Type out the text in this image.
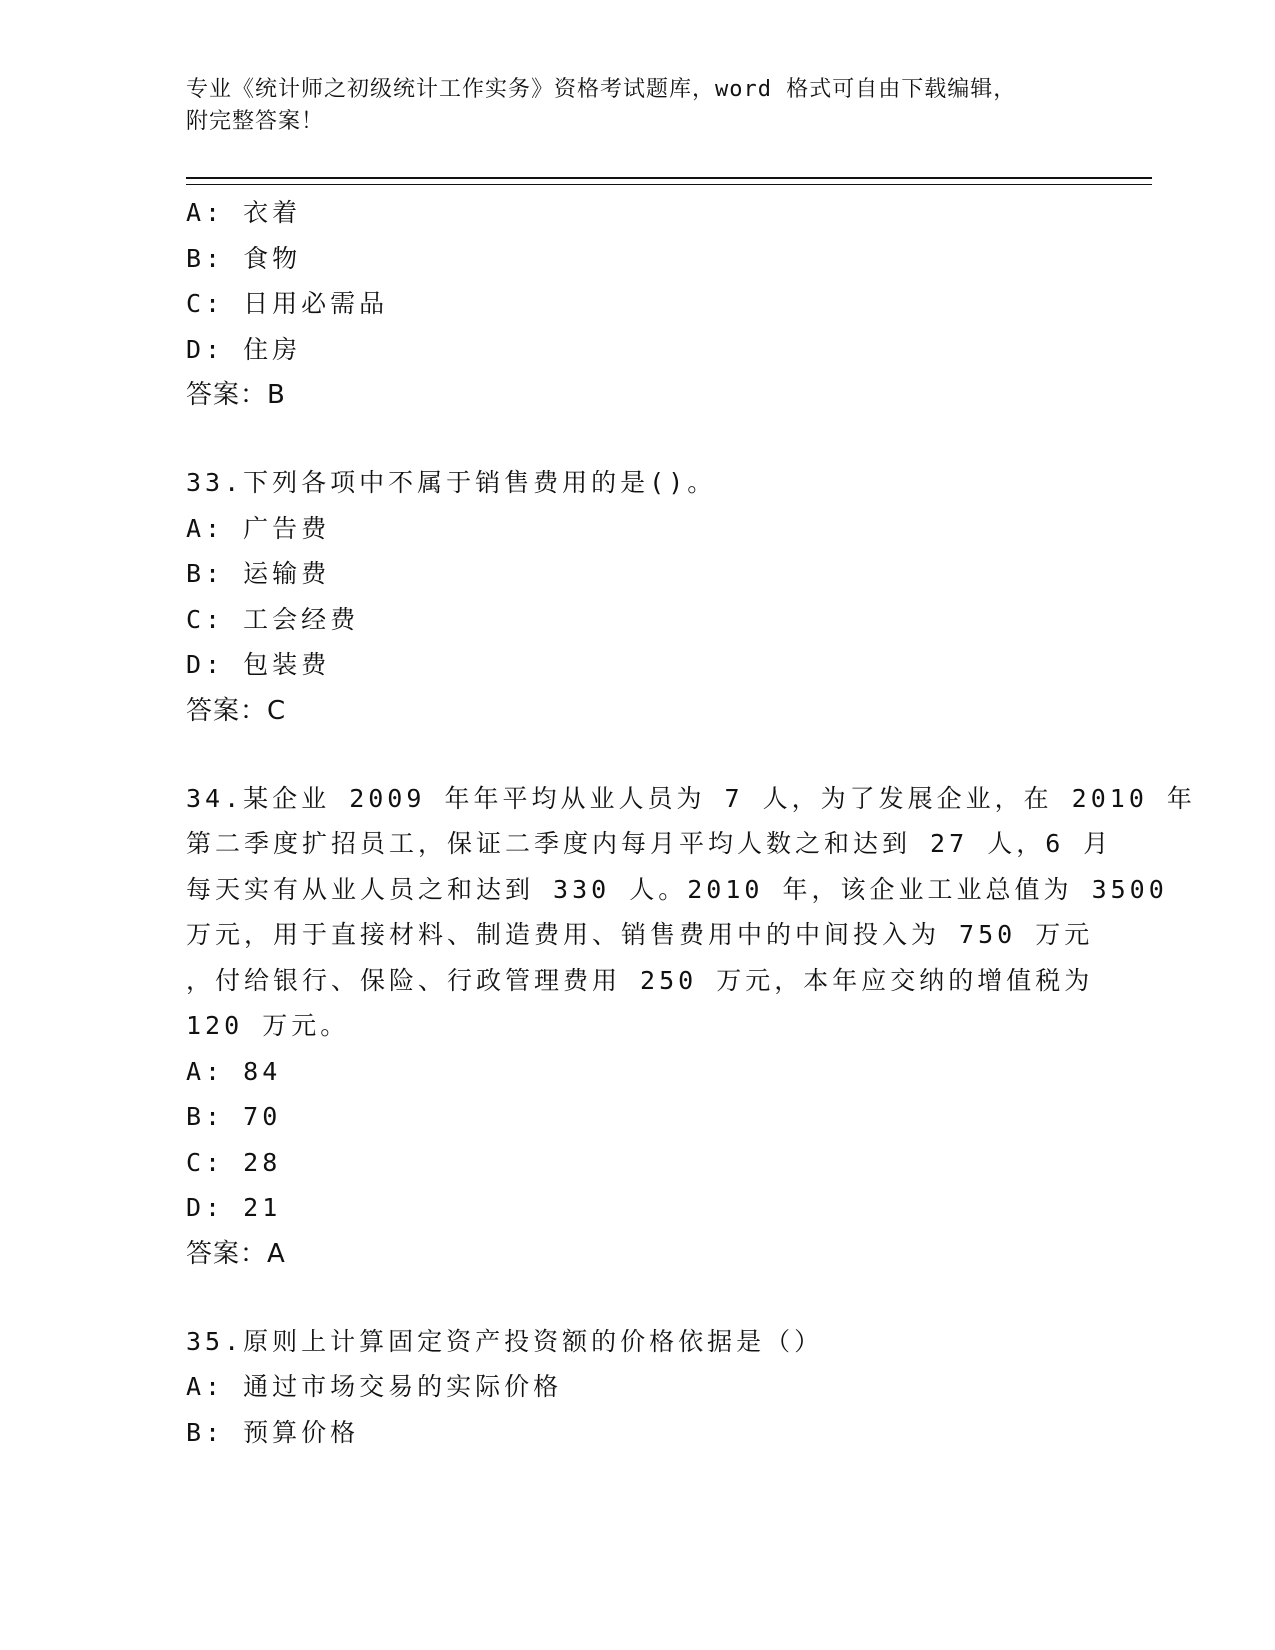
专业《统计师之初级统计工作实务》资格考试题库，word 格式可自由下载编辑，
附完整答案！
A: 衣着
B: 食物
C: 日用必需品
D: 住房
答案：B
33.下列各项中不属于销售费用的是()。
A: 广告费
B: 运输费
C: 工会经费
D: 包装费
答案：C
34.某企业 2009 年年平均从业人员为 7 人，为了发展企业，在 2010 年
第二季度扩招员工，保证二季度内每月平均人数之和达到 27 人，6 月
每天实有从业人员之和达到 330 人。2010 年，该企业工业总值为 3500
万元，用于直接材料、制造费用、销售费用中的中间投入为 750 万元
，付给银行、保险、行政管理费用 250 万元，本年应交纳的增值税为
120 万元。
A: 84
B: 70
C: 28
D: 21
答案：A
35.原则上计算固定资产投资额的价格依据是（）
A: 通过市场交易的实际价格
B: 预算价格
